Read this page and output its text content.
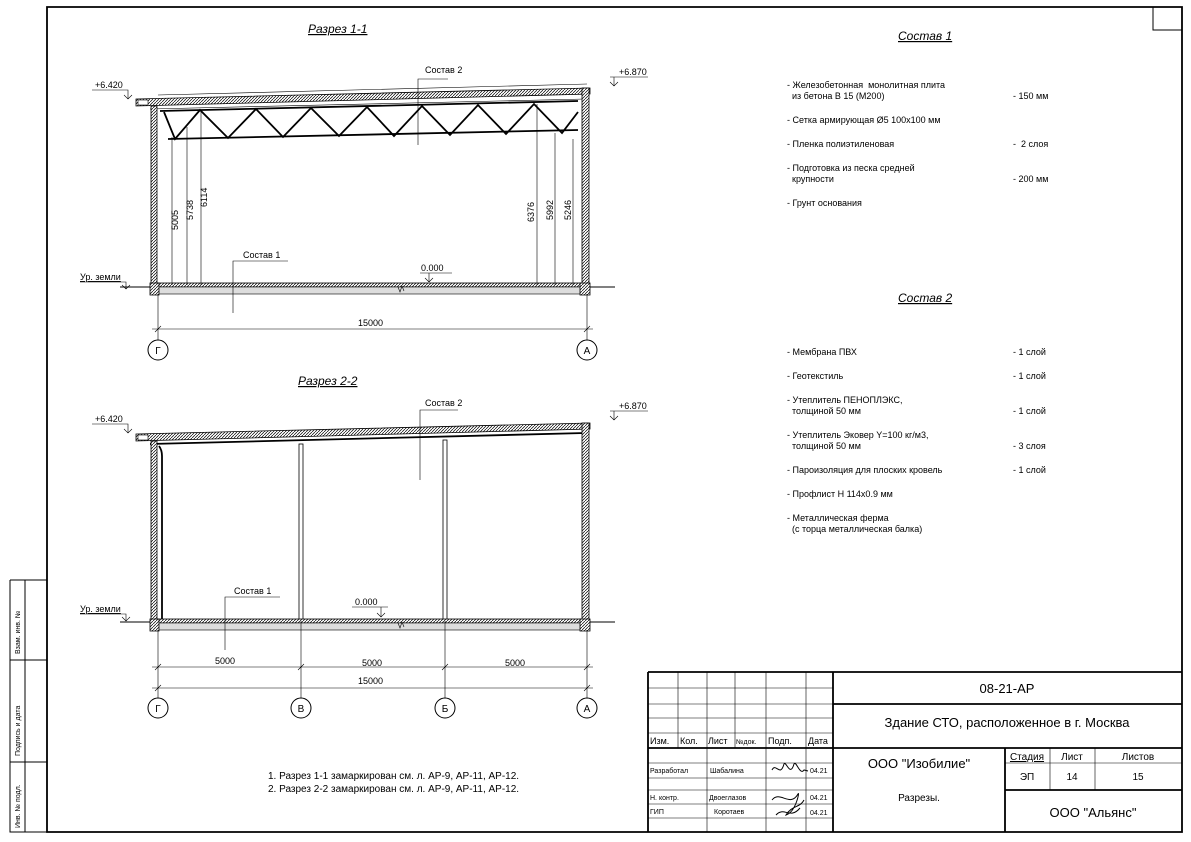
Инв. № подл.
Подпись и дата
Взам. инв. №
Разрез 1-1
5005 5738
6114
6376 5992 5246
+6.420
+6.870
Ур. земли
0.000
Состав 2
Состав 1
15000
Г	А
Разрез 2-2
+6.420
+6.870
Ур. земли
0.000
Состав 2
Состав 1
5000	5000	5000
15000
Г	В	Б	А
1. Разрез 1-1 замаркирован см. л. АР-9, АР-11, АР-12.
2. Разрез 2-2 замаркирован см. л. АР-9, АР-11, АР-12.
Состав 1
- Железобетонная  монолитная плита
из бетона В 15 (М200)	- 150 мм
- Сетка армирующая Ø5 100х100 мм
- Пленка полиэтиленовая	-  2 слоя
- Подготовка из песка средней
крупности	- 200 мм
- Грунт основания
Состав 2
- Мембрана ПВХ	- 1 слой
- Геотекстиль	- 1 слой
- Утеплитель ПЕНОПЛЭКС,
толщиной 50 мм	- 1 слой
- Утеплитель Эковер Y=100 кг/м3,
толщиной 50 мм	- 3 слоя
- Пароизоляция для плоских кровель	- 1 слой
- Профлист Н 114х0.9 мм
- Металлическая ферма
(с торца металлическая балка)
Изм. Кол. Лист №док. Подп. Дата
Разработал	Шабалина	04.21
Н. контр.	Двоеглазов	04.21
ГИП	Коротаев	04.21
08-21-АР
Здание СТО, расположенное в г. Москва
ООО "Изобилие"
Разрезы.
Стадия Лист	Листов
ЭП	14	15
ООО "Альянс"
